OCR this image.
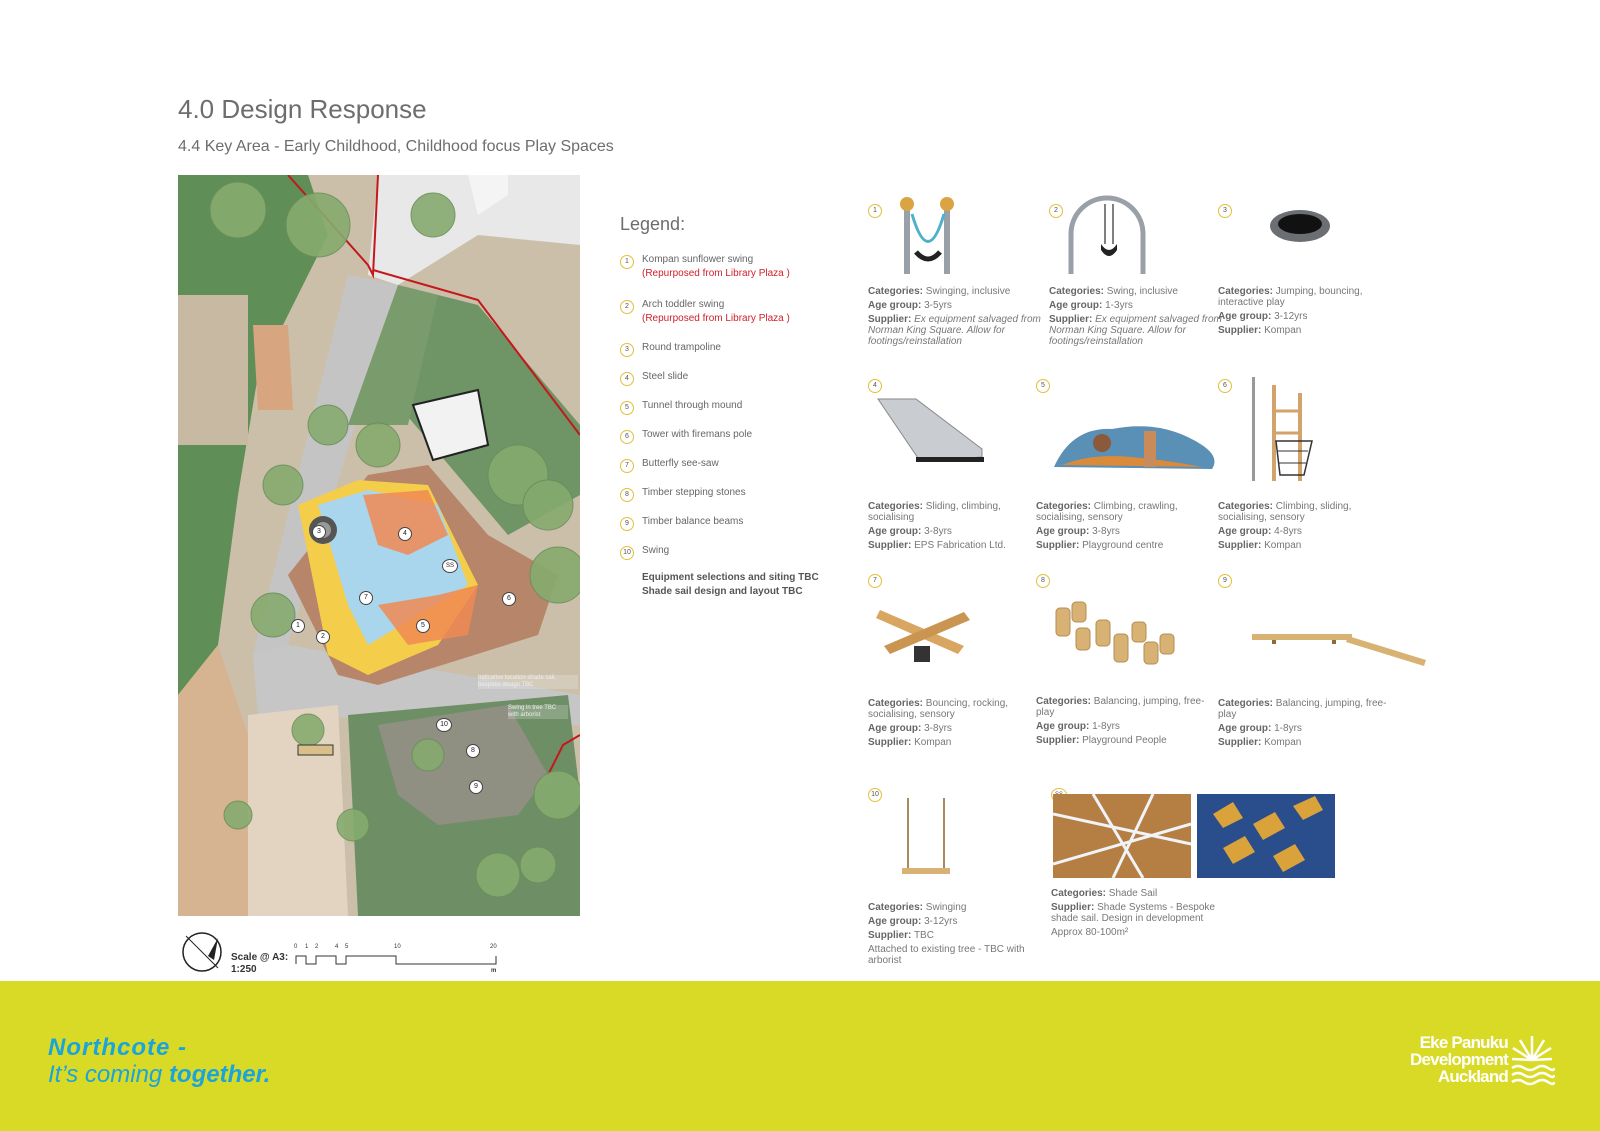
4.0 Design Response
4.4 Key Area - Early Childhood, Childhood focus Play Spaces
1
2
3	4
5
6
7
8
9
10
SS
Indicative location shade sail, bespoke design TBC
Swing in tree TBC with arborist
Scale @ A3:
1:250
0 1 2	4 5	10	20
m
Legend:
1	Kompan sunflower swing
(Repurposed from Library Plaza )
2	Arch toddler swing
(Repurposed from Library Plaza )
3	Round trampoline
4	Steel slide
5	Tunnel through mound
6	Tower with firemans pole
7	Butterfly see-saw
8	Timber stepping stones
9	Timber balance beams
10	Swing
Equipment selections and siting TBC
Shade sail design and layout TBC
1
Categories: Swinging, inclusive
Age group: 3-5yrs
Supplier: Ex equipment salvaged from Norman King Square. Allow for footings/reinstallation
2
Categories: Swing, inclusive
Age group: 1-3yrs
Supplier: Ex equipment salvaged from Norman King Square. Allow for footings/reinstallation
3
Categories: Jumping, bouncing, interactive play
Age group: 3-12yrs
Supplier: Kompan
4
Categories: Sliding, climbing, socialising
Age group: 3-8yrs
Supplier: EPS Fabrication Ltd.
5
Categories: Climbing, crawling, socialising, sensory
Age group: 3-8yrs
Supplier: Playground centre
6
Categories: Climbing, sliding, socialising, sensory
Age group: 4-8yrs
Supplier: Kompan
7
Categories: Bouncing, rocking, socialising, sensory
Age group: 3-8yrs
Supplier: Kompan
8
Categories: Balancing, jumping, free-play
Age group: 1-8yrs
Supplier: Playground People
9
Categories: Balancing, jumping, free-play
Age group: 1-8yrs
Supplier: Kompan
10
Categories: Swinging
Age group: 3-12yrs
Supplier: TBC
Attached to existing tree - TBC with arborist
Categories: Shade Sail
Supplier: Shade Systems - Bespoke shade sail. Design in development
Approx 80-100m²
Northcote -
It’s coming together.
Eke Panuku
Development
Auckland
